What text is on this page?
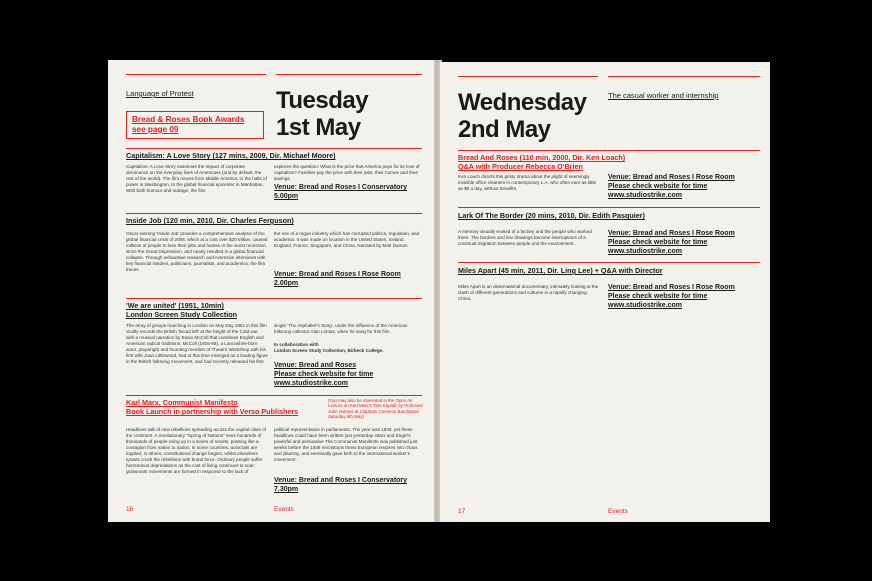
Language of Protest
Bread & Roses Book Awards
see page 09
Tuesday
1st May
Capitalism: A Love Story (127 mins, 2009, Dir. Michael Moore)
Capitalism: A Love Story examines the impact of corporate dominance on the everyday lives of Americans (and by default, the rest of the world). The film moves from Middle America, to the halls of power in Washington, to the global financial epicenter in Manhattan. With both humour and outrage, the film
explores the question: What is the price that America pays for its love of capitalism? Families pay the price with their jobs, their homes and their savings.
Venue: Bread and Roses I Conservatory
5.00pm
Inside Job (120 min, 2010, Dir. Charles Ferguson)
Oscar winning 'Inside Job' provides a comprehensive analysis of the global financial crisis of 2008, which at a cost over $20 trillion, caused millions of people to lose their jobs and homes in the worst recession since the Great Depression, and nearly resulted in a global financial collapse. Through exhaustive research and extensive interviews with key financial insiders, politicians, journalists, and academics, the film traces
the rise of a rogue industry which has corrupted politics, regulation, and academia. It was made on location in the United States, Iceland, England, France, Singapore, and China. Narrated by Matt Damon
Venue: Bread and Roses I Rose Room
2.00pm
'We are united' (1951, 10min)
London Screen Study Collection
The array of groups marching in London on May Day 1951 in this film vividly records the British 'broad left' at the height of the Cold war, with a musical narration by Ewan McColl that combines English and American radical traditions. McColl (1915-89), a Lancashire-born actor, playwright and founding member of Theatre Workshop with his first wife Joan Littlewood, had at this time emerged as a leading figure in the British folksong movement, and had recently released his first
single 'The Asphalter's Song', under the influence of the American folksong collector Alan Lomax, when he sang for this film.
In collaboration with
London Screen Study Collection, Birbeck College.
Venue: Bread and Roses
Please check website for time
www.studiostrike.com
Karl Marx, Communist Manifesto
Book Launch in partnership with Verso Publishers
(You may also be interested in the Open Air Lecture on Karl Marx's 'Das Kapital' by Professor John Holmes at Clapham Common Bandstand Saturday 5th May)
Headlines talk of new rebellions spreading across the capital cities of the continent. A revolutionary "Spring of Nations" sees hundreds of thousands of people rising up in a series of revolts, passing like a contagion from nation to nation. In some countries, autocrats are toppled; in others, constitutional change begins, whilst elsewhere tyrants crush the rebellions with brutal force. Ordinary people suffer horrendous depredations as the cost of living continues to soar; grassroots movements are formed in response to the lack of
political representation in parliaments. The year was 1848, yet these headlines could have been written just yesterday. Marx and Engel's powerful and persuasive The Communist Manifesto was published just weeks before the 1848 revolutions threw European empires into chaos and disarray, and eventually gave birth to the international worker's movement.
Venue: Bread and Roses I Conservatory
7.30pm
16	Events
Wednesday
2nd May
The casual worker and internship
Bread And Roses (110 min, 2000, Dir. Ken Loach)
Q&A with Producer Rebecca O'Brien
Ken Loach directs this gristy drama about the plight of seemingly invisible office cleaners in contemporary L.A. who often earn as little as $6 a day, without benefits.
Venue: Bread and Roses I Rose Room
Please check website for time
www.studiostrike.com
Lark Of The Border (20 mins, 2010, Dir. Edith Pasquier)
A memory visually erased of a factory and the people who worked there. The borders and line drawings become interruptions of a continual migration between people and the environment.
Venue: Bread and Roses I Rose Room
Please check website for time
www.studiostrike.com
Miles Apart (45 min, 2011, Dir. Ling Lee) + Q&A with Director
Miles Apart is an observational documentary, intimately looking at the clash of different generations and cultures in a rapidly changing China.
Venue: Bread and Roses I Rose Room
Please check website for time
www.studiostrike.com
17	Events
